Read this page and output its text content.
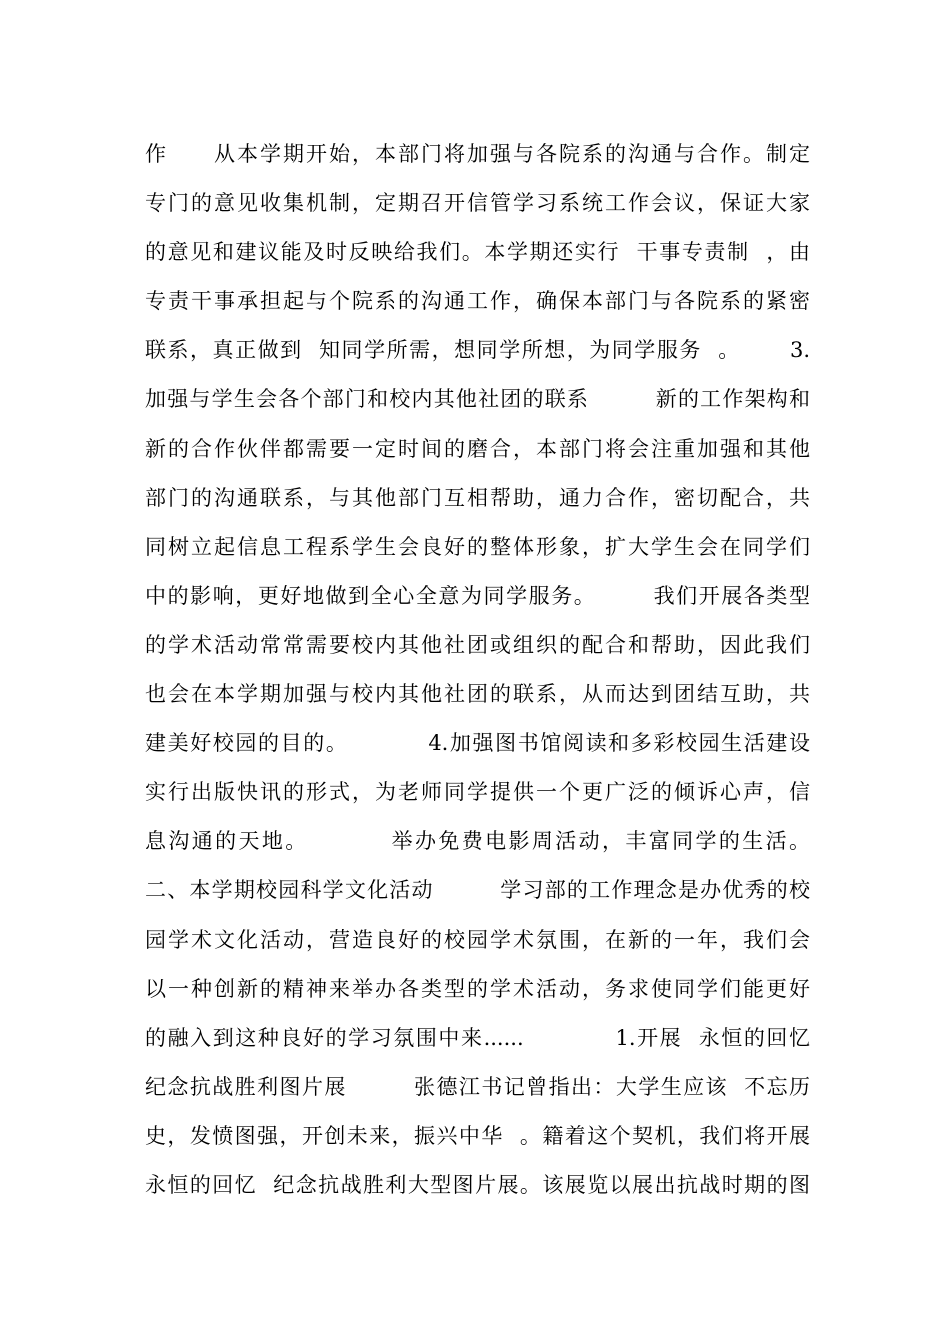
作　　从本学期开始，本部门将加强与各院系的沟通与合作。制定
专门的意见收集机制，定期召开信管学习系统工作会议，保证大家
的意见和建议能及时反映给我们。本学期还实行  干事专责制  ，由
专责干事承担起与个院系的沟通工作，确保本部门与各院系的紧密
联系，真正做到  知同学所需，想同学所想，为同学服务  。      3.
加强与学生会各个部门和校内其他社团的联系　　　新的工作架构和
新的合作伙伴都需要一定时间的磨合，本部门将会注重加强和其他
部门的沟通联系，与其他部门互相帮助，通力合作，密切配合，共
同树立起信息工程系学生会良好的整体形象，扩大学生会在同学们
中的影响，更好地做到全心全意为同学服务。　　　我们开展各类型
的学术活动常常需要校内其他社团或组织的配合和帮助，因此我们
也会在本学期加强与校内其他社团的联系，从而达到团结互助，共
建美好校园的目的。　　　　4.加强图书馆阅读和多彩校园生活建设
实行出版快讯的形式，为老师同学提供一个更广泛的倾诉心声，信
息沟通的天地。　　　　举办免费电影周活动，丰富同学的生活。
二、本学期校园科学文化活动　　　学习部的工作理念是办优秀的校
园学术文化活动，营造良好的校园学术氛围，在新的一年，我们会
以一种创新的精神来举办各类型的学术活动，务求使同学们能更好
的融入到这种良好的学习氛围中来......　　　　1.开展  永恒的回忆
纪念抗战胜利图片展　　　张德江书记曾指出：大学生应该  不忘历
史，发愤图强，开创未来，振兴中华  。籍着这个契机，我们将开展
永恒的回忆  纪念抗战胜利大型图片展。该展览以展出抗战时期的图
